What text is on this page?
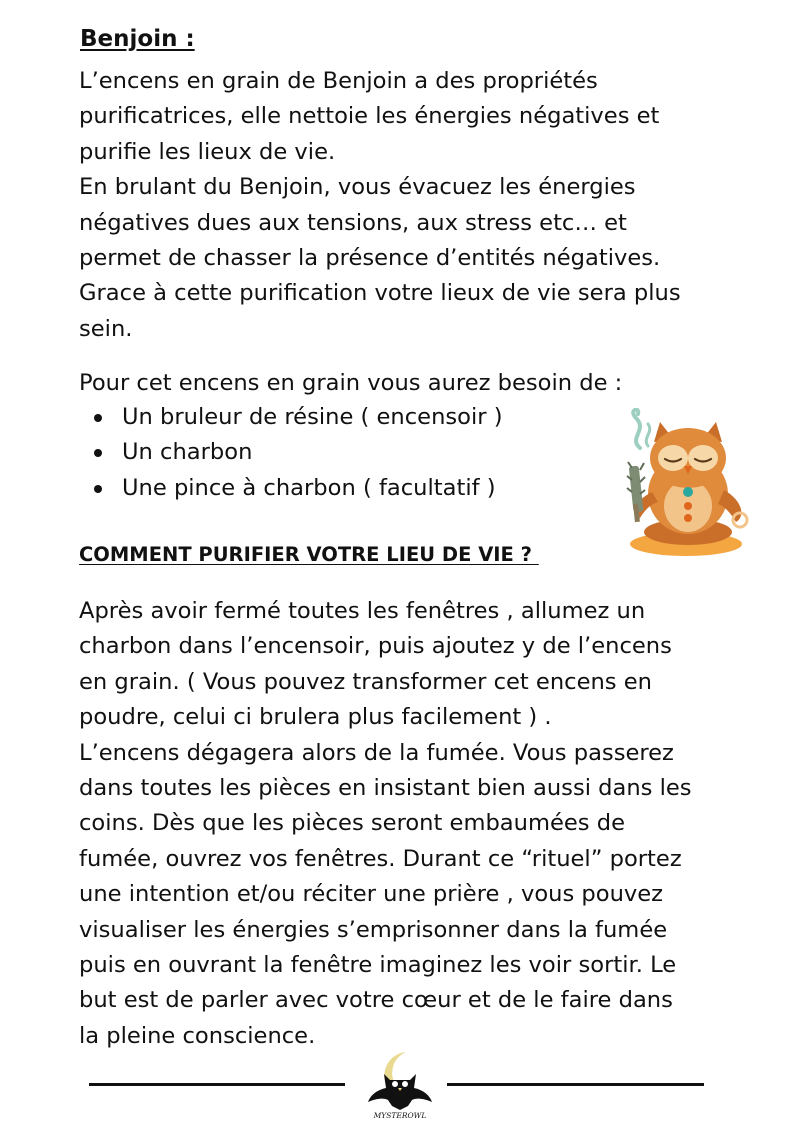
Benjoin :

L’encens en grain de Benjoin a des propriétés
purificatrices, elle nettoie les énergies négatives et
purifie les lieux de vie.
En brulant du Benjoin, vous évacuez les énergies
négatives dues aux tensions, aux stress etc… et
permet de chasser la présence d’entités négatives.
Grace à cette purification votre lieux de vie sera plus
sein.

Pour cet encens en grain vous aurez besoin de :

Un bruleur de résine ( encensoir )
Un charbon
Une pince à charbon ( facultatif )
COMMENT PURIFIER VOTRE LIEU DE VIE ?

Après avoir fermé toutes les fenêtres , allumez un
charbon dans l’encensoir, puis ajoutez y de l’encens
en grain. ( Vous pouvez transformer cet encens en
poudre, celui ci brulera plus facilement ) .
L’encens dégagera alors de la fumée. Vous passerez
dans toutes les pièces en insistant bien aussi dans les
coins. Dès que les pièces seront embaumées de
fumée, ouvrez vos fenêtres. Durant ce “rituel” portez
une intention et/ou réciter une prière , vous pouvez
visualiser les énergies s’emprisonner dans la fumée
puis en ouvrant la fenêtre imaginez les voir sortir. Le
but est de parler avec votre cœur et de le faire dans
la pleine conscience.

MYSTEROWL
